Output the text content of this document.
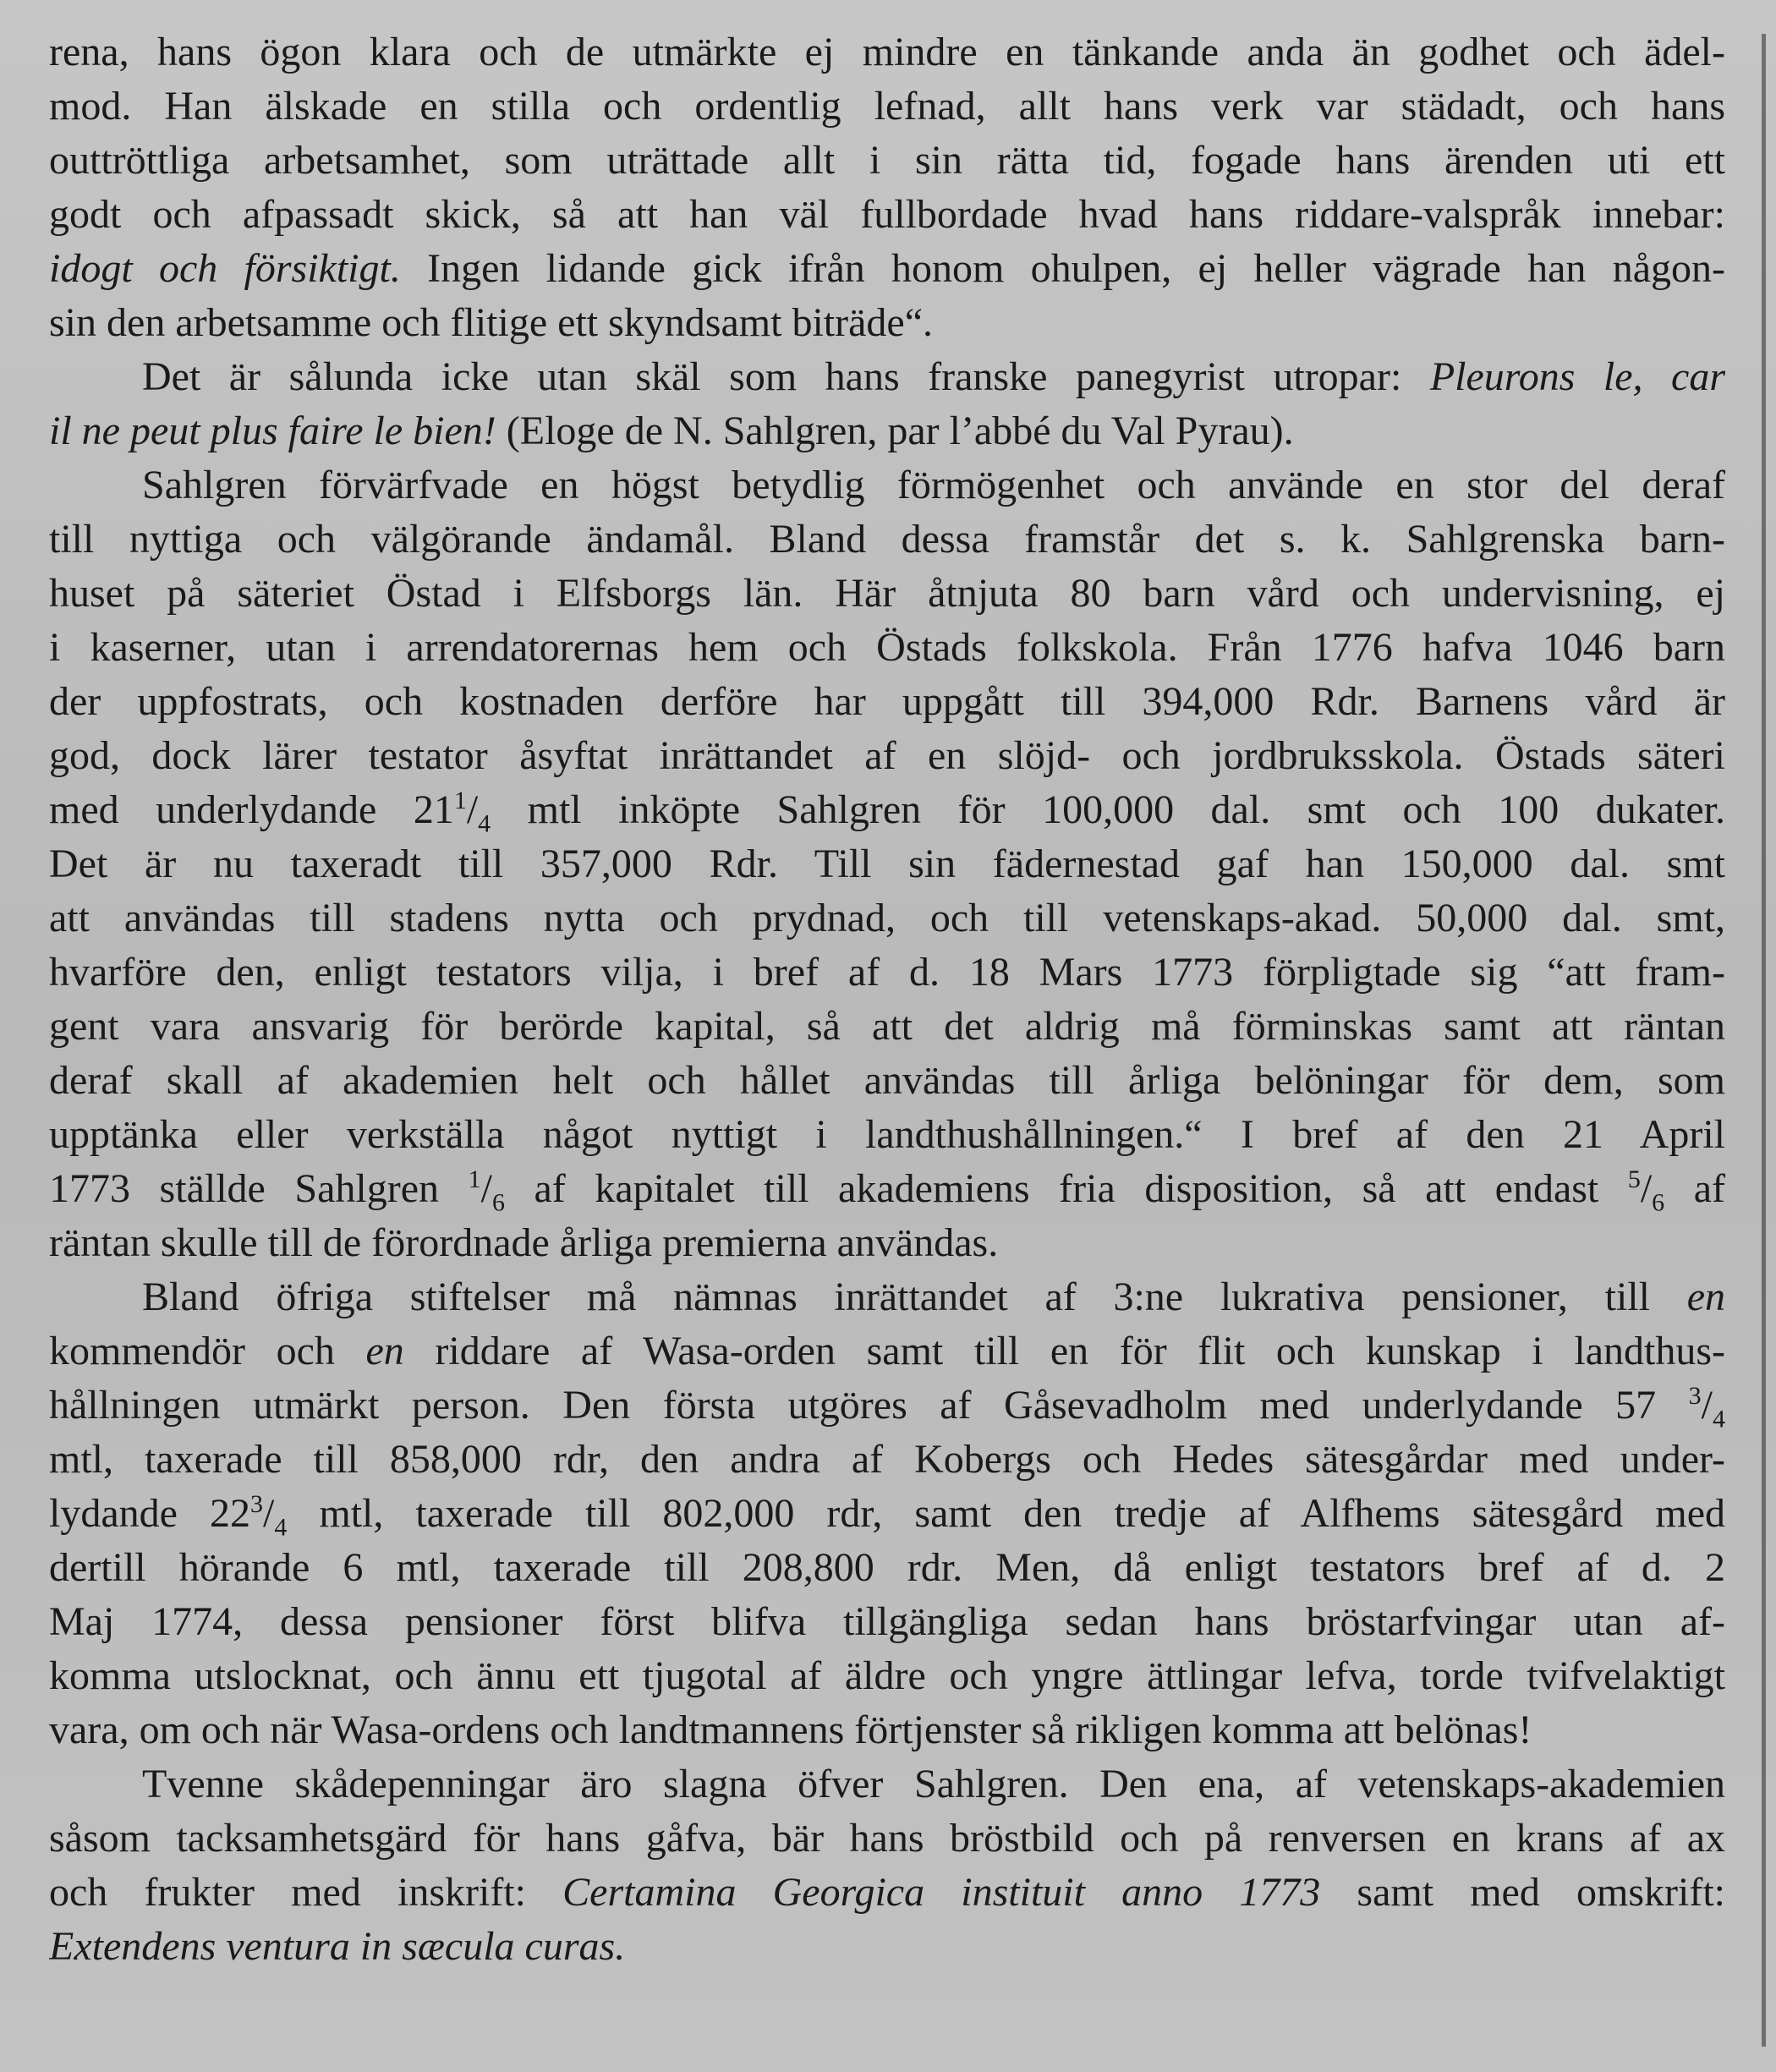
rena, hans ögon klara och de utmärkte ej mindre en tänkande anda än godhet och ädel-
mod. Han älskade en stilla och ordentlig lefnad, allt hans verk var städadt, och hans
outtröttliga arbetsamhet, som uträttade allt i sin rätta tid, fogade hans ärenden uti ett
godt och afpassadt skick, så att han väl fullbordade hvad hans riddare-valspråk innebar:
idogt och försiktigt. Ingen lidande gick ifrån honom ohulpen, ej heller vägrade han någon-
sin den arbetsamme och flitige ett skyndsamt biträde“.
Det är sålunda icke utan skäl som hans franske panegyrist utropar: Pleurons le, car
il ne peut plus faire le bien! (Eloge de N. Sahlgren, par l’abbé du Val Pyrau).
Sahlgren förvärfvade en högst betydlig förmögenhet och använde en stor del deraf
till nyttiga och välgörande ändamål. Bland dessa framstår det s. k. Sahlgrenska barn-
huset på säteriet Östad i Elfsborgs län. Här åtnjuta 80 barn vård och undervisning, ej
i kaserner, utan i arrendatorernas hem och Östads folkskola. Från 1776 hafva 1046 barn
der uppfostrats, och kostnaden derföre har uppgått till 394,000 Rdr. Barnens vård är
god, dock lärer testator åsyftat inrättandet af en slöjd- och jordbruksskola. Östads säteri
med underlydande $21^1/_4$ mtl inköpte Sahlgren för 100,000 dal. smt och 100 dukater.
Det är nu taxeradt till 357,000 Rdr. Till sin fädernestad gaf han 150,000 dal. smt
att användas till stadens nytta och prydnad, och till vetenskaps-akad. 50,000 dal. smt,
hvarföre den, enligt testators vilja, i bref af d. 18 Mars 1773 förpligtade sig “att fram-
gent vara ansvarig för berörde kapital, så att det aldrig må förminskas samt att räntan
deraf skall af akademien helt och hållet användas till årliga belöningar för dem, som
upptänka eller verkställa något nyttigt i landthushållningen.“ I bref af den 21 April
1773 ställde Sahlgren $^1/_6$ af kapitalet till akademiens fria disposition, så att endast $^5/_6$ af
räntan skulle till de förordnade årliga premierna användas.
Bland öfriga stiftelser må nämnas inrättandet af 3:ne lukrativa pensioner, till en
kommendör och en riddare af Wasa-orden samt till en för flit och kunskap i landthus-
hållningen utmärkt person. Den första utgöres af Gåsevadholm med underlydande 57 $^3/_4$
mtl, taxerade till 858,000 rdr, den andra af Kobergs och Hedes sätesgårdar med under-
lydande $22^3/_4$ mtl, taxerade till 802,000 rdr, samt den tredje af Alfhems sätesgård med
dertill hörande 6 mtl, taxerade till 208,800 rdr. Men, då enligt testators bref af d. 2
Maj 1774, dessa pensioner först blifva tillgängliga sedan hans bröstarfvingar utan af-
komma utslocknat, och ännu ett tjugotal af äldre och yngre ättlingar lefva, torde tvifvelaktigt
vara, om och när Wasa-ordens och landtmannens förtjenster så rikligen komma att belönas!
Tvenne skådepenningar äro slagna öfver Sahlgren. Den ena, af vetenskaps-akademien
såsom tacksamhetsgärd för hans gåfva, bär hans bröstbild och på renversen en krans af ax
och frukter med inskrift: Certamina Georgica instituit anno 1773 samt med omskrift:
Extendens ventura in sæcula curas.
